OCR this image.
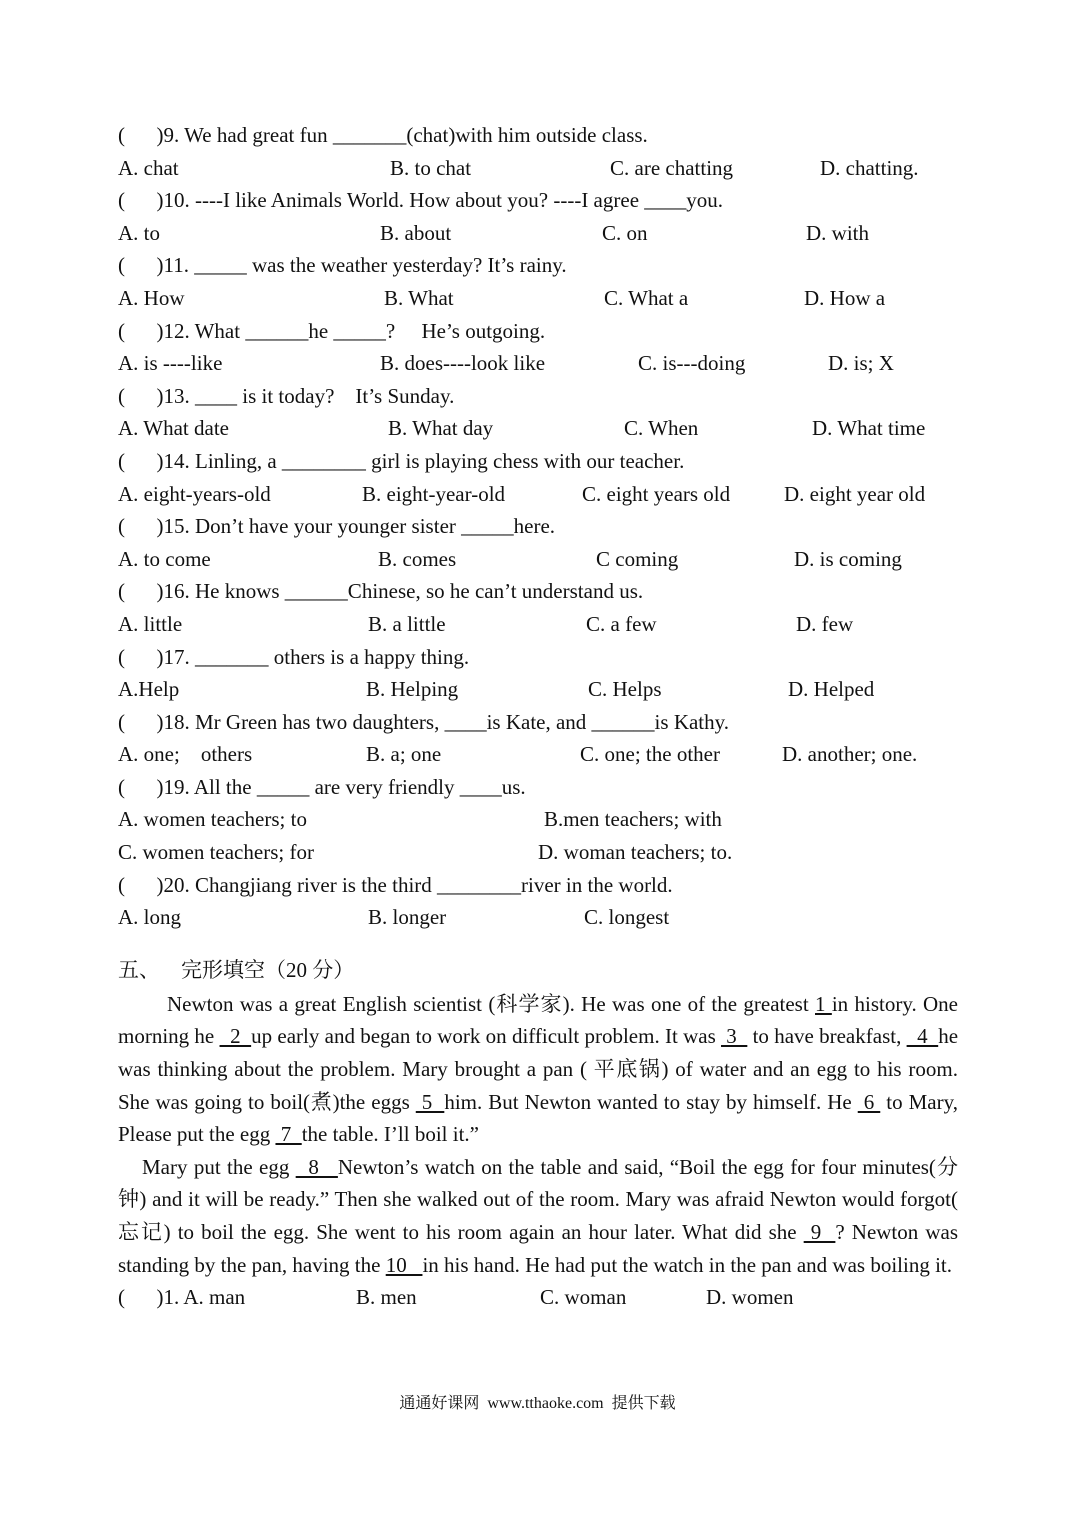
(      )9. We had great fun _______(chat)with him outside class.
A. chat	B. to chat	C. are chatting	D. chatting.
(      )10. ----I like Animals World. How about you? ----I agree ____you.
A. to	B. about	C. on	D. with
(      )11. _____ was the weather yesterday? It’s rainy.
A. How	B. What	C. What a	D. How a
(      )12. What ______he _____?     He’s outgoing.
A. is ----like	B. does----look like	C. is---doing	D. is; X
(      )13. ____ is it today?    It’s Sunday.
A. What date	B. What day	C. When	D. What time
(      )14. Linling, a ________ girl is playing chess with our teacher.
A. eight-years-old	B. eight-year-old	C. eight years old	D. eight year old
(      )15. Don’t have your younger sister _____here.
A. to come	B. comes	C coming	D. is coming
(      )16. He knows ______Chinese, so he can’t understand us.
A. little	B. a little	C. a few	D. few
(      )17. _______ others is a happy thing.
A.Help	B. Helping	C. Helps	D. Helped
(      )18. Mr Green has two daughters, ____is Kate, and ______is Kathy.
A. one;    others	B. a; one	C. one; the other	D. another; one.
(      )19. All the _____ are very friendly ____us.
A. women teachers; to	B.men teachers; with
C. women teachers; for	D. woman teachers; to.
(      )20. Changjiang river is the third ________river in the world.
A. long	B. longer	C. longest
五、    完形填空（20 分）
Newton was a great English scientist (科学家). He was one of the greatest 1 in history. One morning he   2  up early and began to work on difficult problem. It was  3   to have breakfast,   4  he was thinking about the problem. Mary brought a pan ( 平底锅) of water and an egg to his room. She was going to boil(煮)the eggs  5  him. But Newton wanted to stay by himself. He  6  to Mary, Please put the egg  7  the table. I’ll boil it.”
Mary put the egg   8   Newton’s watch on the table and said, “Boil the egg for four minutes(分钟) and it will be ready.” Then she walked out of the room. Mary was afraid Newton would forgot( 忘记) to boil the egg. She went to his room again an hour later. What did she  9  ? Newton was standing by the pan, having the 10   in his hand. He had put the watch in the pan and was boiling it.
(      )1. A. man	B. men	C. woman	D. women
通通好课网  www.tthaoke.com  提供下载
